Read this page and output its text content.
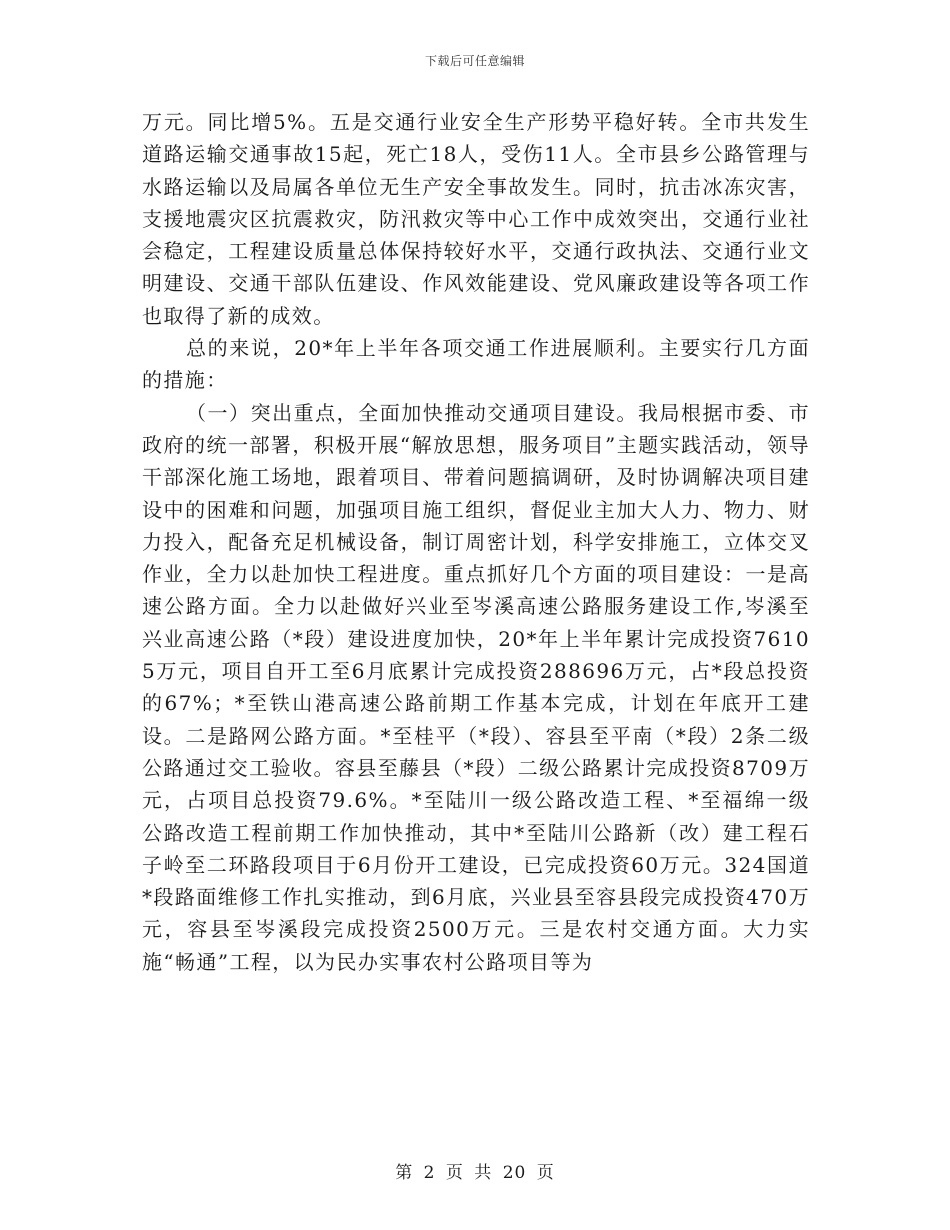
下载后可任意编辑

万元。同比增5%。五是交通行业安全生产形势平稳好转。全市共发生道路运输交通事故15起，死亡18人，受伤11人。全市县乡公路管理与水路运输以及局属各单位无生产安全事故发生。同时，抗击冰冻灾害，支援地震灾区抗震救灾，防汛救灾等中心工作中成效突出，交通行业社会稳定，工程建设质量总体保持较好水平，交通行政执法、交通行业文明建设、交通干部队伍建设、作风效能建设、党风廉政建设等各项工作也取得了新的成效。

总的来说，20*年上半年各项交通工作进展顺利。主要实行几方面的措施：

（一）突出重点，全面加快推动交通项目建设。我局根据市委、市政府的统一部署，积极开展“解放思想，服务项目”主题实践活动，领导干部深化施工场地，跟着项目、带着问题搞调研，及时协调解决项目建设中的困难和问题，加强项目施工组织，督促业主加大人力、物力、财力投入，配备充足机械设备，制订周密计划，科学安排施工，立体交叉作业，全力以赴加快工程进度。重点抓好几个方面的项目建设：一是高速公路方面。全力以赴做好兴业至岑溪高速公路服务建设工作,岑溪至兴业高速公路（*段）建设进度加快，20*年上半年累计完成投资76105万元，项目自开工至6月底累计完成投资288696万元，占*段总投资的67%；*至铁山港高速公路前期工作基本完成，计划在年底开工建设。二是路网公路方面。*至桂平（*段）、容县至平南（*段）2条二级公路通过交工验收。容县至藤县（*段）二级公路累计完成投资8709万元，占项目总投资79.6%。*至陆川一级公路改造工程、*至福绵一级公路改造工程前期工作加快推动，其中*至陆川公路新（改）建工程石子岭至二环路段项目于6月份开工建设，已完成投资60万元。324国道*段路面维修工作扎实推动，到6月底，兴业县至容县段完成投资470万元，容县至岑溪段完成投资2500万元。三是农村交通方面。大力实施“畅通”工程，以为民办实事农村公路项目等为

第 2 页 共 20 页
